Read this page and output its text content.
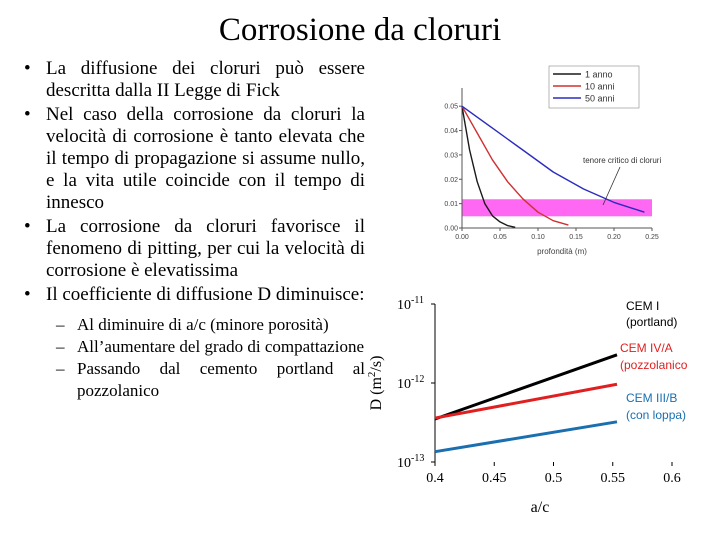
Corrosione da cloruri
• La diffusione dei cloruri può essere descritta dalla II Legge di Fick
• Nel caso della corrosione da cloruri la velocità di corrosione è tanto elevata che il tempo di propagazione si assume nullo, e la vita utile coincide con il tempo di innesco
• La corrosione da cloruri favorisce il fenomeno di pitting, per cui la velocità di corrosione è elevatissima
• Il coefficiente di diffusione D diminuisce:
– Al diminuire di a/c (minore porosità)
– All’aumentare del grado di compattazione
– Passando dal cemento portland al pozzolanico
0.00
0.01
0.02
0.03
0.04
0.05
0.00	0.05	0.10	0.15	0.20	0.25
profondità (m)
1 anno
10 anni
50 anni
tenore critico di cloruri
$10^{-11}$
$10^{-12}$
$10^{-13}$
0.4	0.45	0.5	0.55	0.6
a/c
D $(m^2/s)$
CEM I
(portland)
CEM IV/A
(pozzolanico
CEM III/B
(con loppa)
